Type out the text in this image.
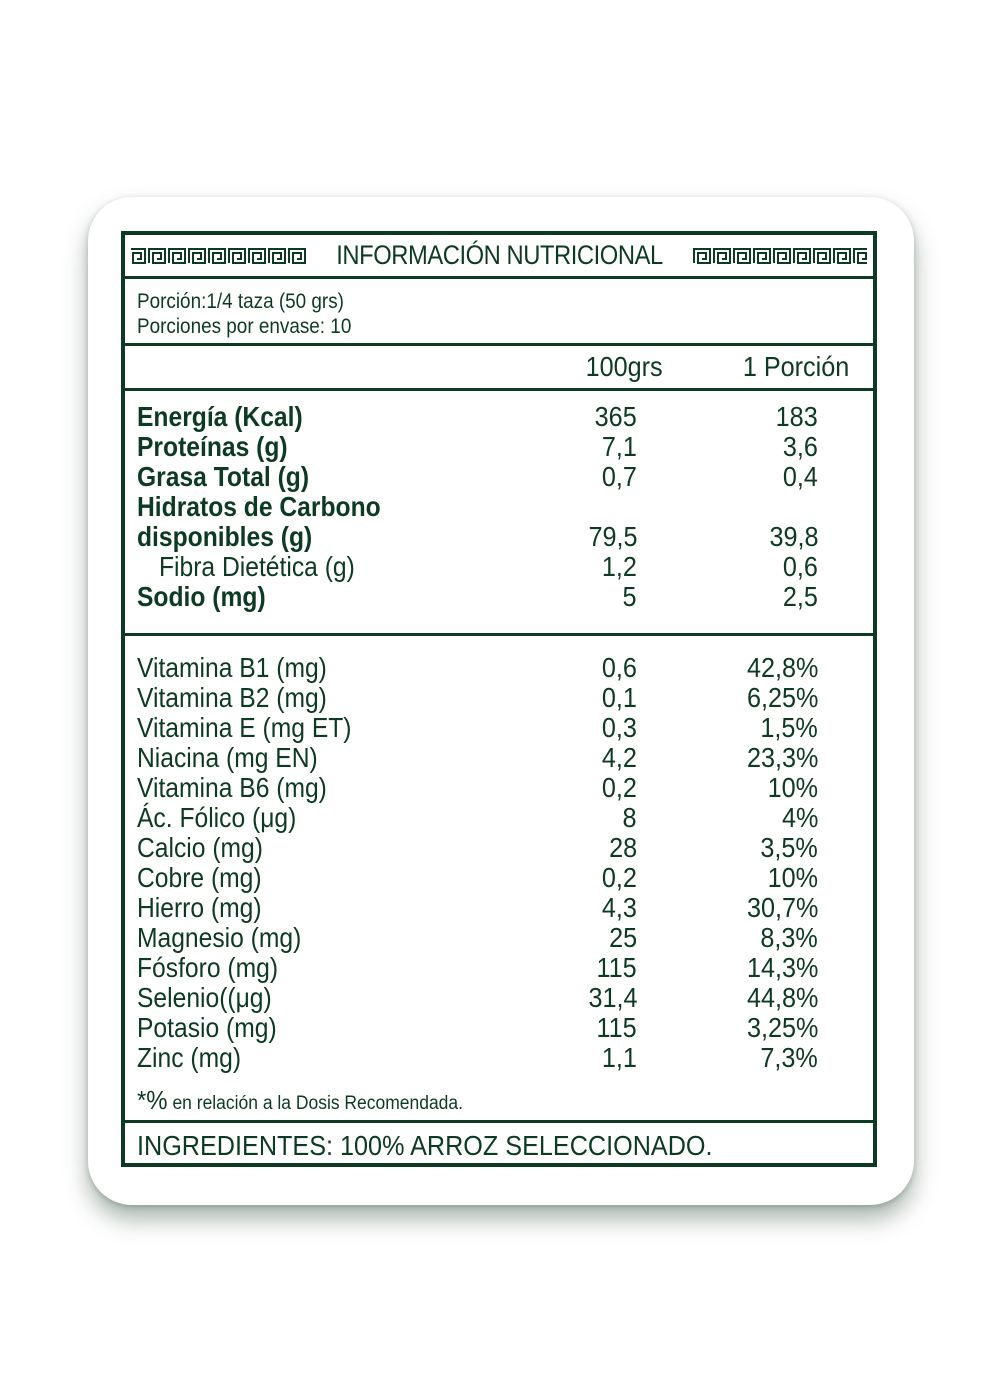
INFORMACIÓN NUTRICIONAL
Porción:1/4 taza (50 grs)
Porciones por envase: 10
100grs	1 Porción
Energía (Kcal)	365	183
Proteínas (g)	7,1	3,6
Grasa Total (g)	0,7	0,4
Hidratos de Carbono
disponibles (g)	79,5	39,8
Fibra Dietética (g)	1,2	0,6
Sodio (mg)	5	2,5
Vitamina B1 (mg)	0,6	42,8%
Vitamina B2 (mg)	0,1	6,25%
Vitamina E (mg ET)	0,3	1,5%
Niacina (mg EN)	4,2	23,3%
Vitamina B6 (mg)	0,2	10%
Ác. Fólico (μg)	8	4%
Calcio (mg)	28	3,5%
Cobre (mg)	0,2	10%
Hierro (mg)	4,3	30,7%
Magnesio (mg)	25	8,3%
Fósforo (mg)	115	14,3%
Selenio((μg)	31,4	44,8%
Potasio (mg)	115	3,25%
Zinc (mg)	1,1	7,3%
*% en relación a la Dosis Recomendada.
INGREDIENTES: 100% ARROZ SELECCIONADO.
